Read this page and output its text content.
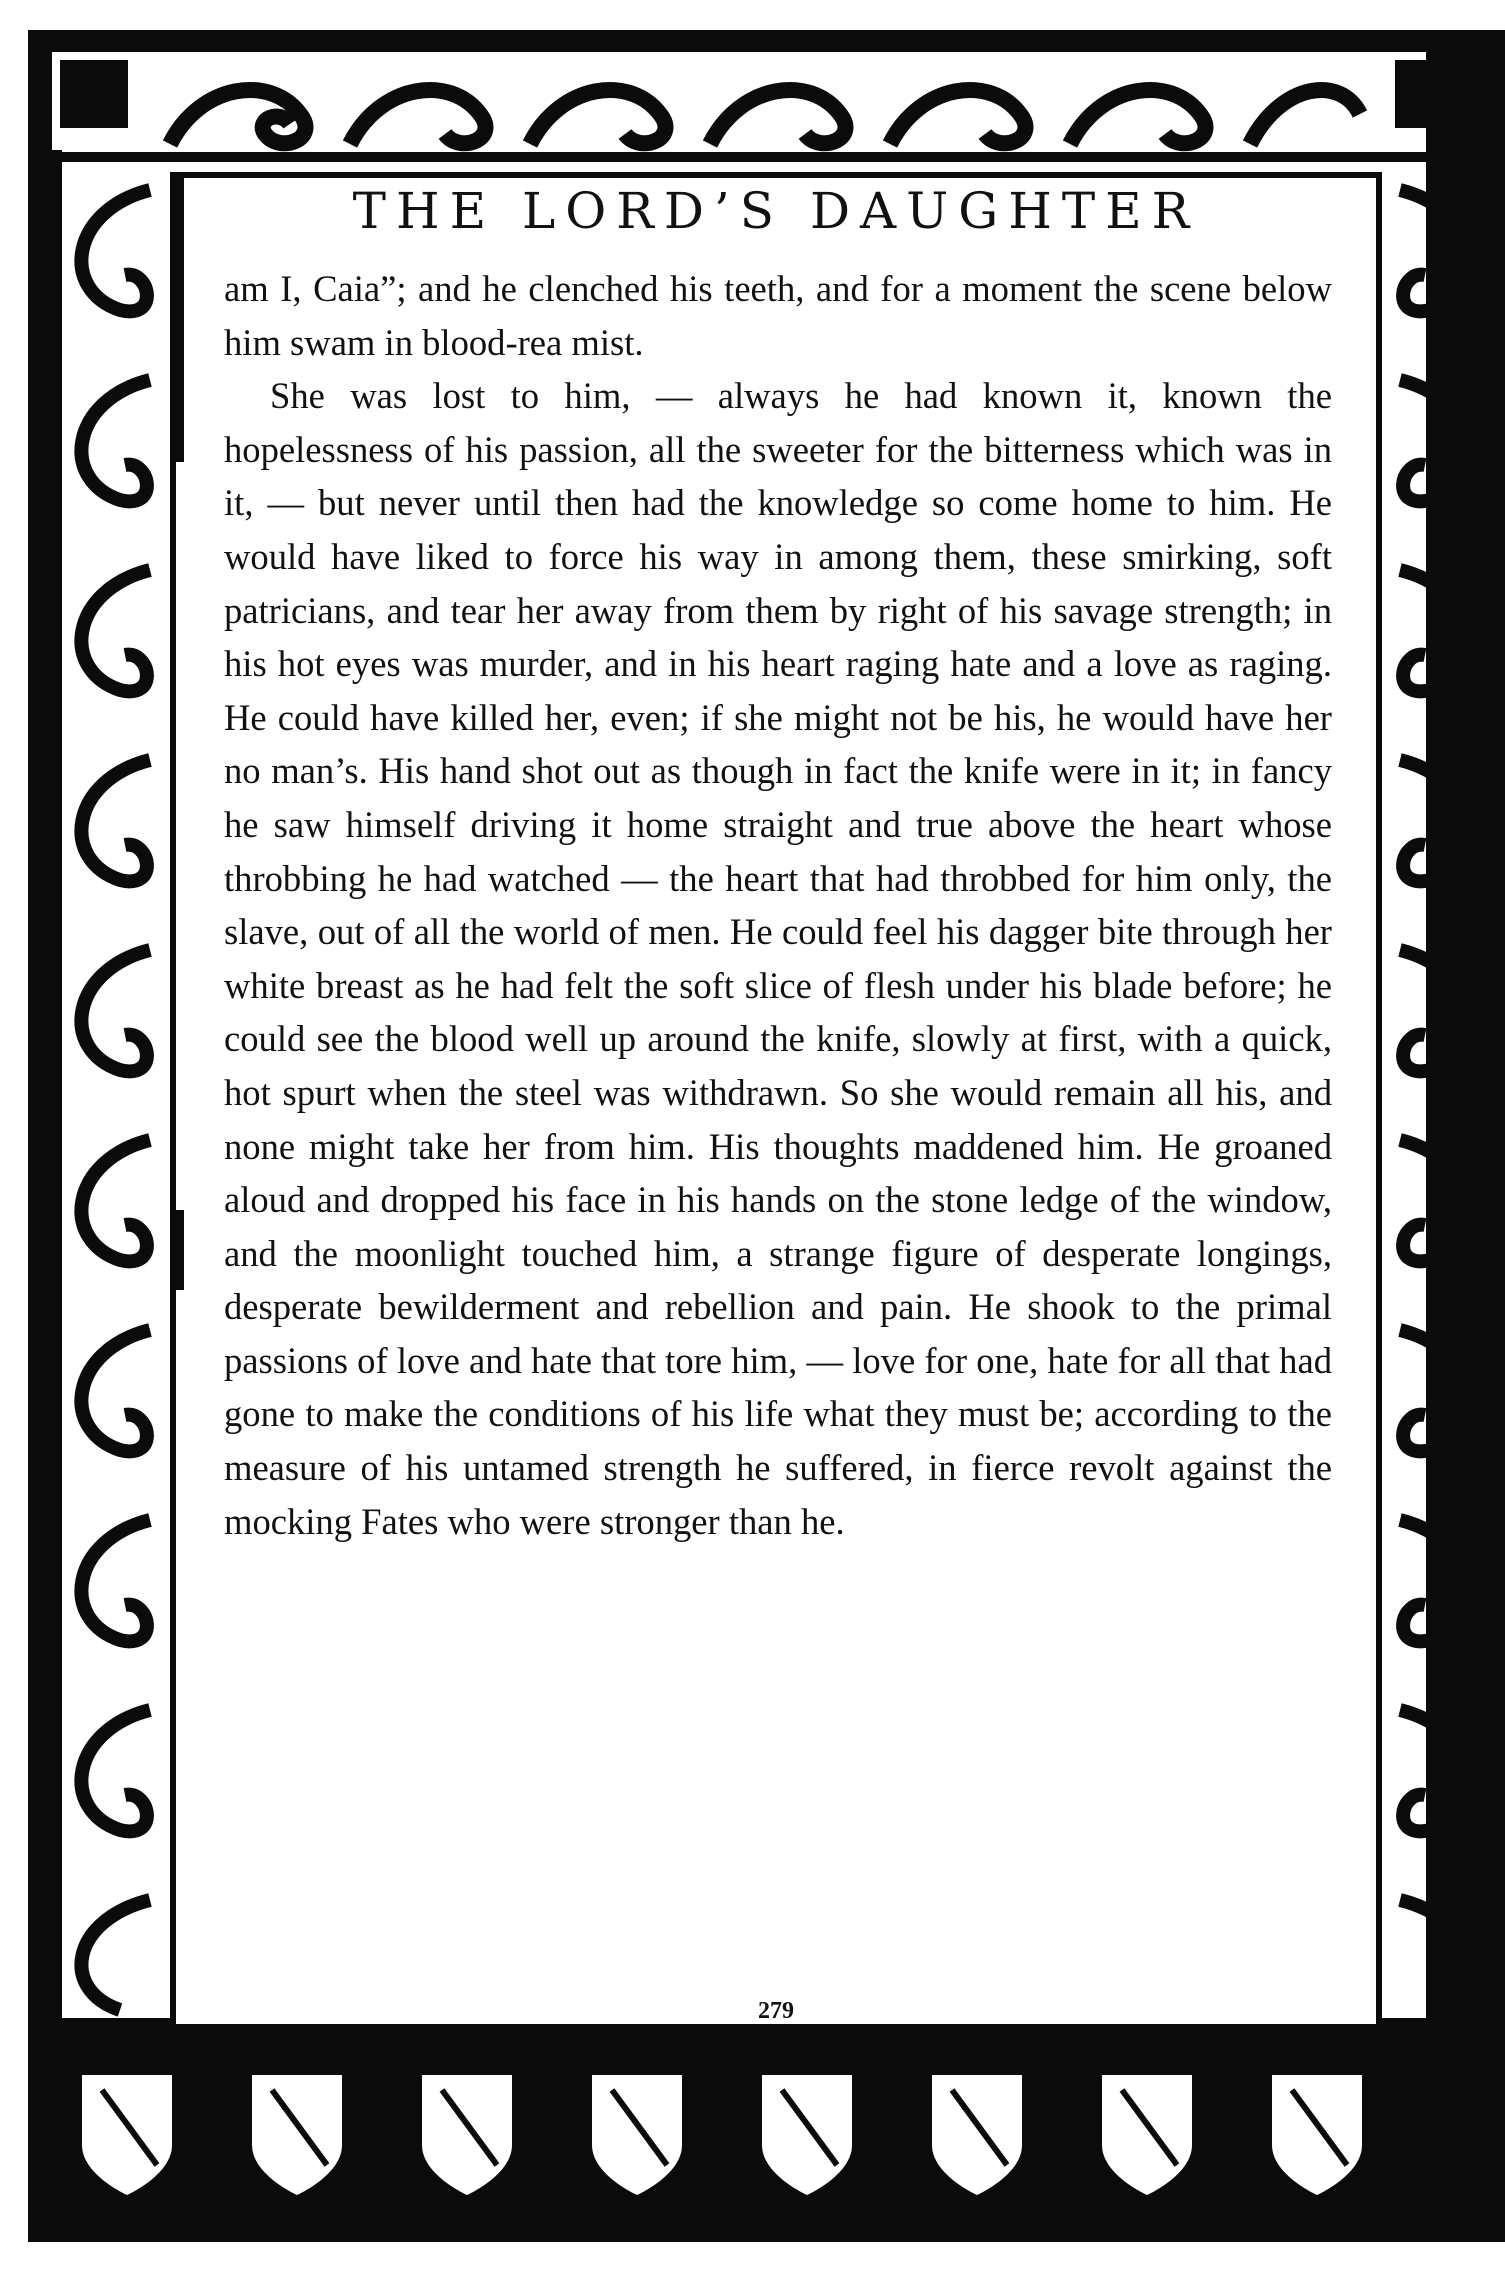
THE LORD’S DAUGHTER

am I, Caia”; and he clenched his teeth, and for a moment the scene below him swam in blood-rea mist.

She was lost to him, — always he had known it, known the hopelessness of his passion, all the sweeter for the bitterness which was in it, — but never until then had the knowledge so come home to him. He would have liked to force his way in among them, these smirking, soft patricians, and tear her away from them by right of his savage strength; in his hot eyes was murder, and in his heart raging hate and a love as raging. He could have killed her, even; if she might not be his, he would have her no man’s. His hand shot out as though in fact the knife were in it; in fancy he saw himself driving it home straight and true above the heart whose throbbing he had watched — the heart that had throbbed for him only, the slave, out of all the world of men. He could feel his dagger bite through her white breast as he had felt the soft slice of flesh under his blade before; he could see the blood well up around the knife, slowly at first, with a quick, hot spurt when the steel was withdrawn. So she would remain all his, and none might take her from him. His thoughts maddened him. He groaned aloud and dropped his face in his hands on the stone ledge of the window, and the moonlight touched him, a strange figure of desperate longings, desperate bewilderment and rebellion and pain. He shook to the primal passions of love and hate that tore him, — love for one, hate for all that had gone to make the conditions of his life what they must be; according to the measure of his untamed strength he suffered, in fierce revolt against the mocking Fates who were stronger than he.

279
